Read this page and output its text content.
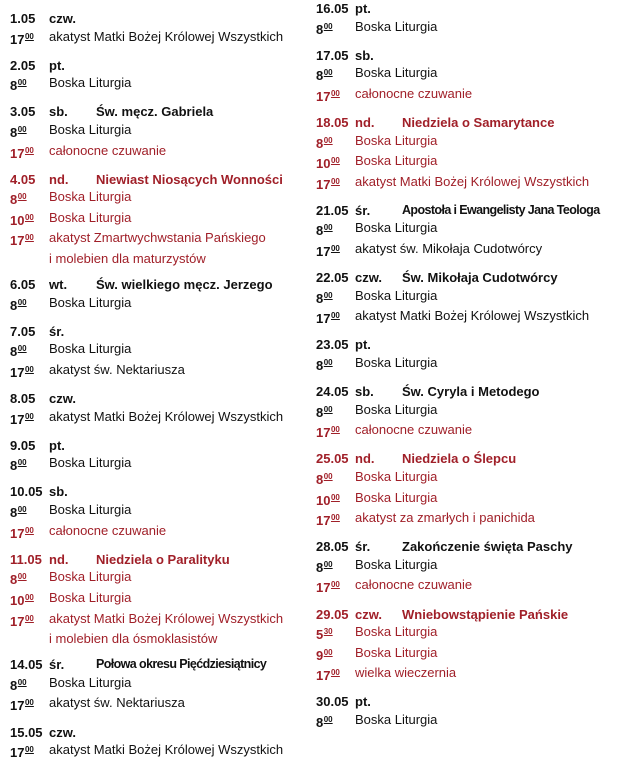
1.05	czw.
$17^{00}$	akatyst Matki Bożej Królowej Wszystkich
2.05	pt.
$8^{00}$	Boska Liturgia
3.05	sb.	Św. męcz. Gabriela
$8^{00}$	Boska Liturgia
$17^{00}$	całonocne czuwanie
4.05	nd.	Niewiast Niosących Wonności
$8^{00}$	Boska Liturgia
$10^{00}$	Boska Liturgia
$17^{00}$	akatyst Zmartwychwstania Pańskiego
i molebien dla maturzystów
6.05	wt.	Św. wielkiego męcz. Jerzego
$8^{00}$	Boska Liturgia
7.05	śr.
$8^{00}$	Boska Liturgia
$17^{00}$	akatyst św. Nektariusza
8.05	czw.
$17^{00}$	akatyst Matki Bożej Królowej Wszystkich
9.05	pt.
$8^{00}$	Boska Liturgia
10.05 sb.
$8^{00}$	Boska Liturgia
$17^{00}$	całonocne czuwanie
11.05 nd.	Niedziela o Paralityku
$8^{00}$	Boska Liturgia
$10^{00}$	Boska Liturgia
$17^{00}$	akatyst Matki Bożej Królowej Wszystkich
i molebien dla ósmoklasistów
14.05 śr.	Połowa okresu Pięćdziesiątnicy
$8^{00}$	Boska Liturgia
$17^{00}$	akatyst św. Nektariusza
15.05 czw.
$17^{00}$	akatyst Matki Bożej Królowej Wszystkich
16.05 pt.
$8^{00}$	Boska Liturgia
17.05 sb.
$8^{00}$	Boska Liturgia
$17^{00}$	całonocne czuwanie
18.05 nd.	Niedziela o Samarytance
$8^{00}$	Boska Liturgia
$10^{00}$	Boska Liturgia
$17^{00}$	akatyst Matki Bożej Królowej Wszystkich
21.05 śr.	Apostoła i Ewangelisty Jana Teologa
$8^{00}$	Boska Liturgia
$17^{00}$	akatyst św. Mikołaja Cudotwórcy
22.05 czw.	Św. Mikołaja Cudotwórcy
$8^{00}$	Boska Liturgia
$17^{00}$	akatyst Matki Bożej Królowej Wszystkich
23.05 pt.
$8^{00}$	Boska Liturgia
24.05 sb.	Św. Cyryla i Metodego
$8^{00}$	Boska Liturgia
$17^{00}$	całonocne czuwanie
25.05 nd.	Niedziela o Ślepcu
$8^{00}$	Boska Liturgia
$10^{00}$	Boska Liturgia
$17^{00}$	akatyst za zmarłych i panichida
28.05 śr.	Zakończenie święta Paschy
$8^{00}$	Boska Liturgia
$17^{00}$	całonocne czuwanie
29.05 czw.	Wniebowstąpienie Pańskie
$5^{30}$	Boska Liturgia
$9^{00}$	Boska Liturgia
$17^{00}$	wielka wieczernia
30.05 pt.
$8^{00}$	Boska Liturgia
